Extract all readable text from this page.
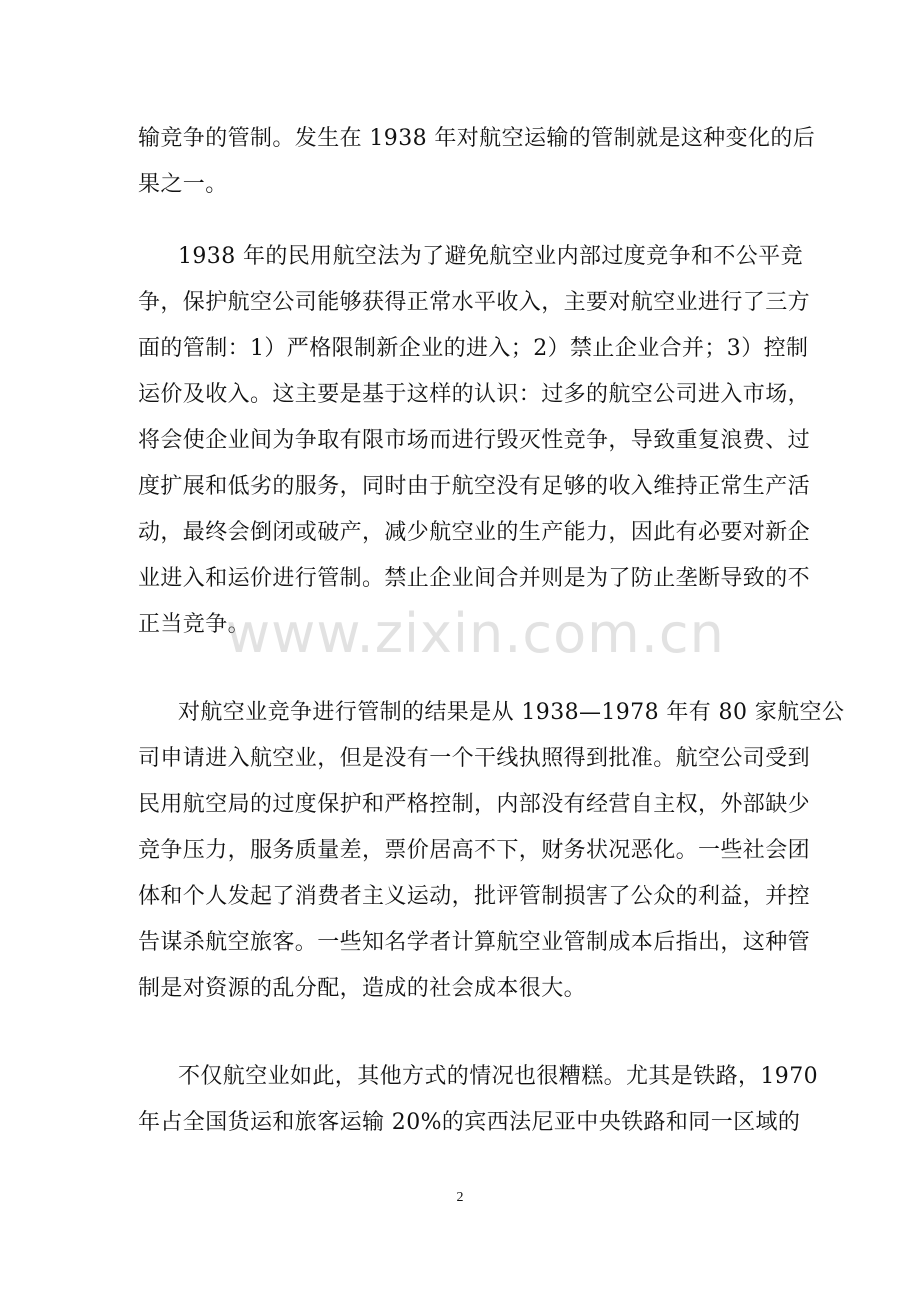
输竞争的管制。发生在 1938 年对航空运输的管制就是这种变化的后
果之一。
1938 年的民用航空法为了避免航空业内部过度竞争和不公平竞
争，保护航空公司能够获得正常水平收入，主要对航空业进行了三方
面的管制：1）严格限制新企业的进入；2）禁止企业合并；3）控制
运价及收入。这主要是基于这样的认识：过多的航空公司进入市场，
将会使企业间为争取有限市场而进行毁灭性竞争，导致重复浪费、过
度扩展和低劣的服务，同时由于航空没有足够的收入维持正常生产活
动，最终会倒闭或破产，减少航空业的生产能力，因此有必要对新企
业进入和运价进行管制。禁止企业间合并则是为了防止垄断导致的不
正当竞争。
对航空业竞争进行管制的结果是从 1938—1978 年有 80 家航空公
司申请进入航空业，但是没有一个干线执照得到批准。航空公司受到
民用航空局的过度保护和严格控制，内部没有经营自主权，外部缺少
竞争压力，服务质量差，票价居高不下，财务状况恶化。一些社会团
体和个人发起了消费者主义运动，批评管制损害了公众的利益，并控
告谋杀航空旅客。一些知名学者计算航空业管制成本后指出，这种管
制是对资源的乱分配，造成的社会成本很大。
不仅航空业如此，其他方式的情况也很糟糕。尤其是铁路，1970
年占全国货运和旅客运输 20%的宾西法尼亚中央铁路和同一区域的
www.zixin.com.cn
2
